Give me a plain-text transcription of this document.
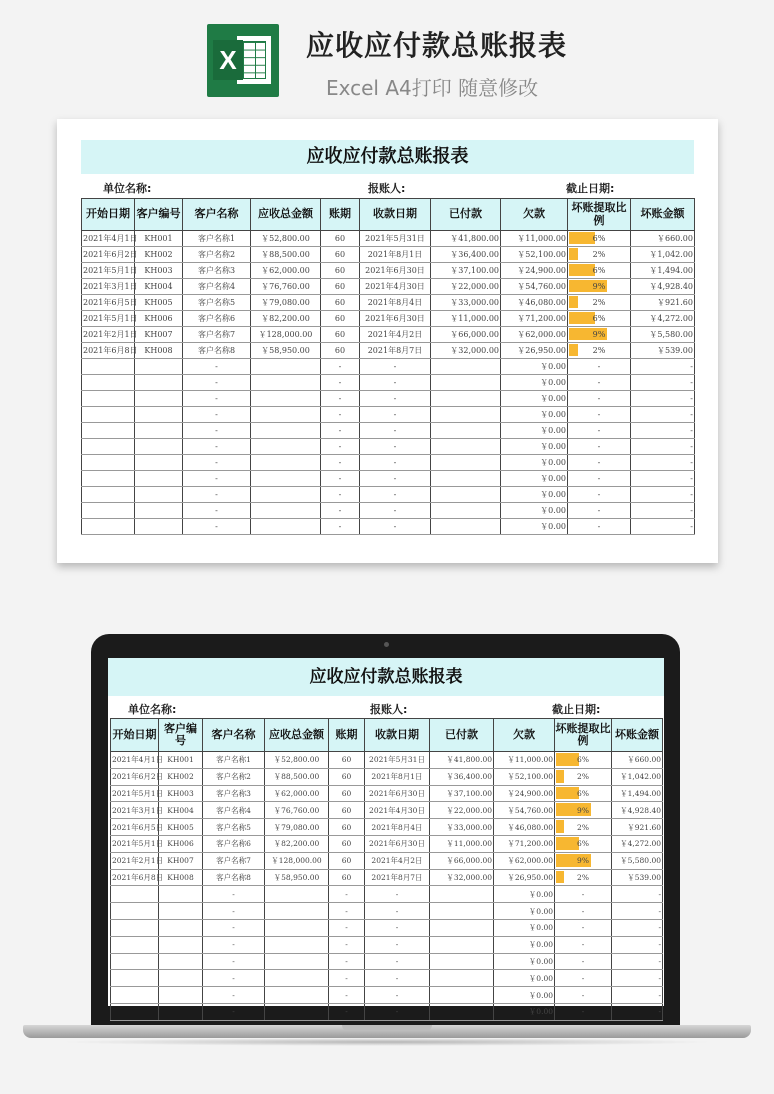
X 应收应付款总账报表
Excel A4打印 随意修改
应收应付款总账报表
单位名称:	报账人:	截止日期:
开始日期	客户编号	客户名称	应收总金额	账期	收款日期	已付款	欠款	坏账提取比例	坏账金额
2021年4月1日	KH001	客户名称1	￥52,800.00	60	2021年5月31日	￥41,800.00	￥11,000.00	6%	￥660.00
2021年6月2日	KH002	客户名称2	￥88,500.00	60	2021年8月1日	￥36,400.00	￥52,100.00	2%	￥1,042.00
2021年5月1日	KH003	客户名称3	￥62,000.00	60	2021年6月30日	￥37,100.00	￥24,900.00	6%	￥1,494.00
2021年3月1日	KH004	客户名称4	￥76,760.00	60	2021年4月30日	￥22,000.00	￥54,760.00	9%	￥4,928.40
2021年6月5日	KH005	客户名称5	￥79,080.00	60	2021年8月4日	￥33,000.00	￥46,080.00	2%	￥921.60
2021年5月1日	KH006	客户名称6	￥82,200.00	60	2021年6月30日	￥11,000.00	￥71,200.00	6%	￥4,272.00
2021年2月1日	KH007	客户名称7	￥128,000.00	60	2021年4月2日	￥66,000.00	￥62,000.00	9%	￥5,580.00
2021年6月8日	KH008	客户名称8	￥58,950.00	60	2021年8月7日	￥32,000.00	￥26,950.00	2%	￥539.00
		-		-	-		￥0.00	-	-
		-		-	-		￥0.00	-	-
		-		-	-		￥0.00	-	-
		-		-	-		￥0.00	-	-
		-		-	-		￥0.00	-	-
		-		-	-		￥0.00	-	-
		-		-	-		￥0.00	-	-
		-		-	-		￥0.00	-	-
		-		-	-		￥0.00	-	-
		-		-	-		￥0.00	-	-
		-		-	-		￥0.00	-	-
应收应付款总账报表
单位名称:	报账人:	截止日期:
开始日期	客户编号	客户名称	应收总金额	账期	收款日期	已付款	欠款	坏账提取比例	坏账金额
2021年4月1日	KH001	客户名称1	￥52,800.00	60	2021年5月31日	￥41,800.00	￥11,000.00	6%	￥660.00
2021年6月2日	KH002	客户名称2	￥88,500.00	60	2021年8月1日	￥36,400.00	￥52,100.00	2%	￥1,042.00
2021年5月1日	KH003	客户名称3	￥62,000.00	60	2021年6月30日	￥37,100.00	￥24,900.00	6%	￥1,494.00
2021年3月1日	KH004	客户名称4	￥76,760.00	60	2021年4月30日	￥22,000.00	￥54,760.00	9%	￥4,928.40
2021年6月5日	KH005	客户名称5	￥79,080.00	60	2021年8月4日	￥33,000.00	￥46,080.00	2%	￥921.60
2021年5月1日	KH006	客户名称6	￥82,200.00	60	2021年6月30日	￥11,000.00	￥71,200.00	6%	￥4,272.00
2021年2月1日	KH007	客户名称7	￥128,000.00	60	2021年4月2日	￥66,000.00	￥62,000.00	9%	￥5,580.00
2021年6月8日	KH008	客户名称8	￥58,950.00	60	2021年8月7日	￥32,000.00	￥26,950.00	2%	￥539.00
		-		-	-		￥0.00	-	-
		-		-	-		￥0.00	-	-
		-		-	-		￥0.00	-	-
		-		-	-		￥0.00	-	-
		-		-	-		￥0.00	-	-
		-		-	-		￥0.00	-	-
		-		-	-		￥0.00	-	-
		-		-	-		￥0.00	-	-
